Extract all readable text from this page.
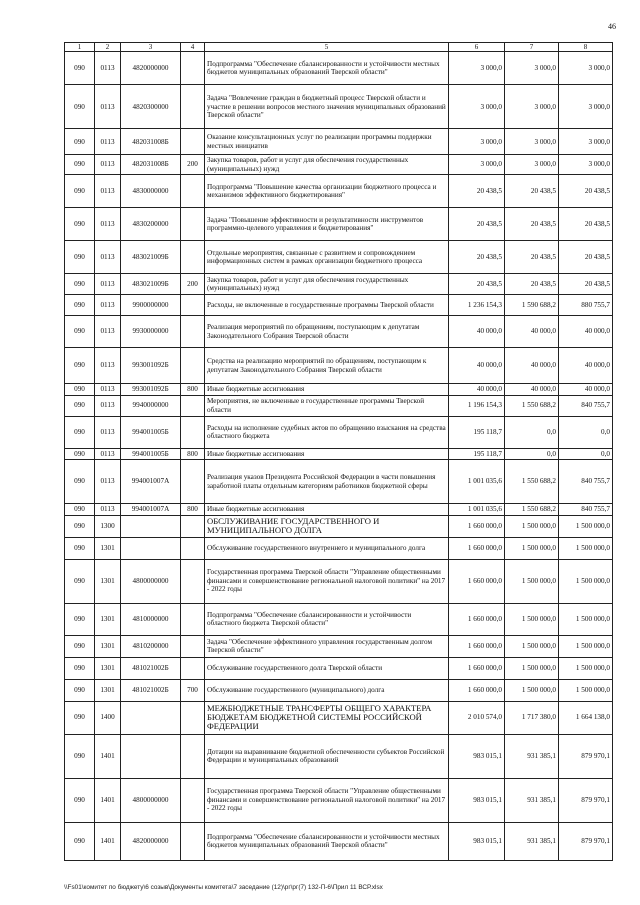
46
1	2	3	4	5	6	7	8
090	0113	4820000000		Подпрограмма "Обеспечение сбалансированности и устойчивости местных бюджетов муниципальных образований Тверской области"	3 000,0	3 000,0	3 000,0
090	0113	4820300000		Задача "Вовлечение граждан в бюджетный процесс Тверской области и участие в решении вопросов местного значения муниципальных образований Тверской области"	3 000,0	3 000,0	3 000,0
090	0113	482031008Б		Оказание консультационных услуг по реализации программы поддержки местных инициатив	3 000,0	3 000,0	3 000,0
090	0113	482031008Б	200	Закупка товаров, работ и услуг для обеспечения государственных (муниципальных) нужд	3 000,0	3 000,0	3 000,0
090	0113	4830000000		Подпрограмма "Повышение качества организации бюджетного процесса и механизмов эффективного бюджетирования"	20 438,5	20 438,5	20 438,5
090	0113	4830200000		Задача "Повышение эффективности и результативности инструментов программно-целевого управления и бюджетирования"	20 438,5	20 438,5	20 438,5
090	0113	483021009Б		Отдельные мероприятия, связанные с развитием и сопровождением информационных систем в рамках организации бюджетного процесса	20 438,5	20 438,5	20 438,5
090	0113	483021009Б	200	Закупка товаров, работ и услуг для обеспечения государственных (муниципальных) нужд	20 438,5	20 438,5	20 438,5
090	0113	9900000000		Расходы, не включенные в государственные программы Тверской области	1 236 154,3	1 590 688,2	880 755,7
090	0113	9930000000		Реализация мероприятий по обращениям, поступающим к депутатам Законодательного Собрания Тверской области	40 000,0	40 000,0	40 000,0
090	0113	993001092Б		Средства на реализацию мероприятий по обращениям, поступающим к депутатам Законодательного Собрания Тверской области	40 000,0	40 000,0	40 000,0
090	0113	993001092Б	800	Иные бюджетные ассигнования	40 000,0	40 000,0	40 000,0
090	0113	9940000000		Мероприятия, не включенные в государственные программы Тверской области	1 196 154,3	1 550 688,2	840 755,7
090	0113	994001005Б		Расходы на исполнение судебных актов по обращению взыскания на средства областного бюджета	195 118,7	0,0	0,0
090	0113	994001005Б	800	Иные бюджетные ассигнования	195 118,7	0,0	0,0
090	0113	994001007А		Реализация указов Президента Российской Федерации в части повышения заработной платы отдельным категориям работников бюджетной сферы	1 001 035,6	1 550 688,2	840 755,7
090	0113	994001007А	800	Иные бюджетные ассигнования	1 001 035,6	1 550 688,2	840 755,7
090	1300			ОБСЛУЖИВАНИЕ ГОСУДАРСТВЕННОГО И МУНИЦИПАЛЬНОГО ДОЛГА	1 660 000,0	1 500 000,0	1 500 000,0
090	1301			Обслуживание государственного внутреннего и муниципального долга	1 660 000,0	1 500 000,0	1 500 000,0
090	1301	4800000000		Государственная программа Тверской области "Управление общественными финансами и совершенствование региональной налоговой политики" на 2017 - 2022 годы	1 660 000,0	1 500 000,0	1 500 000,0
090	1301	4810000000		Подпрограмма "Обеспечение сбалансированности и устойчивости областного бюджета Тверской области"	1 660 000,0	1 500 000,0	1 500 000,0
090	1301	4810200000		Задача "Обеспечение эффективного управления государственным долгом Тверской области"	1 660 000,0	1 500 000,0	1 500 000,0
090	1301	481021002Б		Обслуживание государственного долга Тверской области	1 660 000,0	1 500 000,0	1 500 000,0
090	1301	481021002Б	700	Обслуживание государственного (муниципального) долга	1 660 000,0	1 500 000,0	1 500 000,0
090	1400			МЕЖБЮДЖЕТНЫЕ ТРАНСФЕРТЫ ОБЩЕГО ХАРАКТЕРА БЮДЖЕТАМ БЮДЖЕТНОЙ СИСТЕМЫ РОССИЙСКОЙ ФЕДЕРАЦИИ	2 010 574,0	1 717 380,0	1 664 138,0
090	1401			Дотации на выравнивание бюджетной обеспеченности субъектов Российской Федерации и муниципальных образований	983 015,1	931 385,1	879 970,1
090	1401	4800000000		Государственная программа Тверской области "Управление общественными финансами и совершенствование региональной налоговой политики" на 2017 - 2022 годы	983 015,1	931 385,1	879 970,1
090	1401	4820000000		Подпрограмма "Обеспечение сбалансированности и устойчивости местных бюджетов муниципальных образований Тверской области"	983 015,1	931 385,1	879 970,1
\\Fs01\комитет по бюджету\6 созыв\Документы комитета\7 заседание (12)\рг\рг(7) 132-П-6\Прил 11 ВСР.xlsx
